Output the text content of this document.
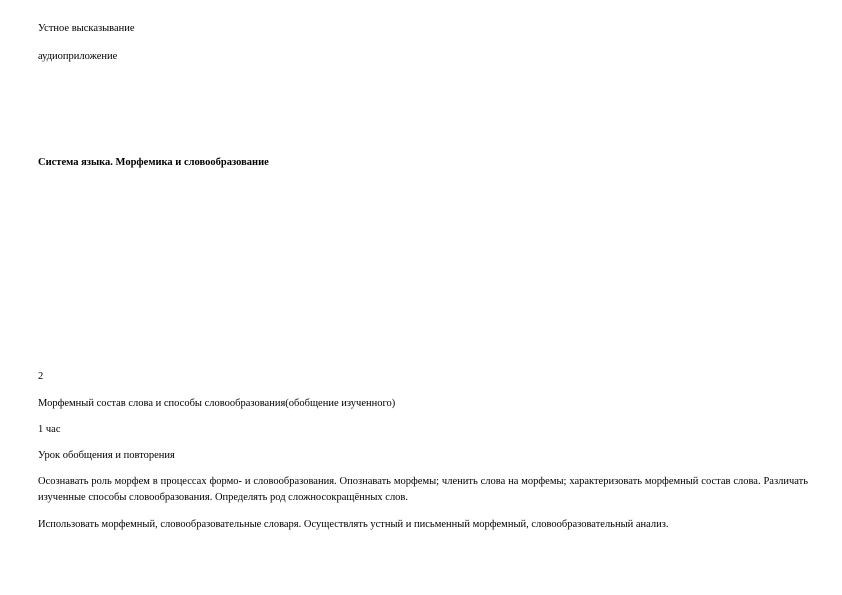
Устное высказывание
аудиоприложение
Система языка. Морфемика и словообразование
2
Морфемный состав слова и способы словообразования(обобщение изученного)
1 час
Урок обобщения и повторения
Осознавать роль морфем в процессах формо- и словообразования. Опознавать морфемы; членить слова на морфемы; характеризовать морфемный состав слова. Различать изученные способы словообразования. Определять род сложносокращённых слов.
Использовать морфемный, словообразовательные словаря. Осуществлять устный и письменный морфемный, словообразовательный анализ.
